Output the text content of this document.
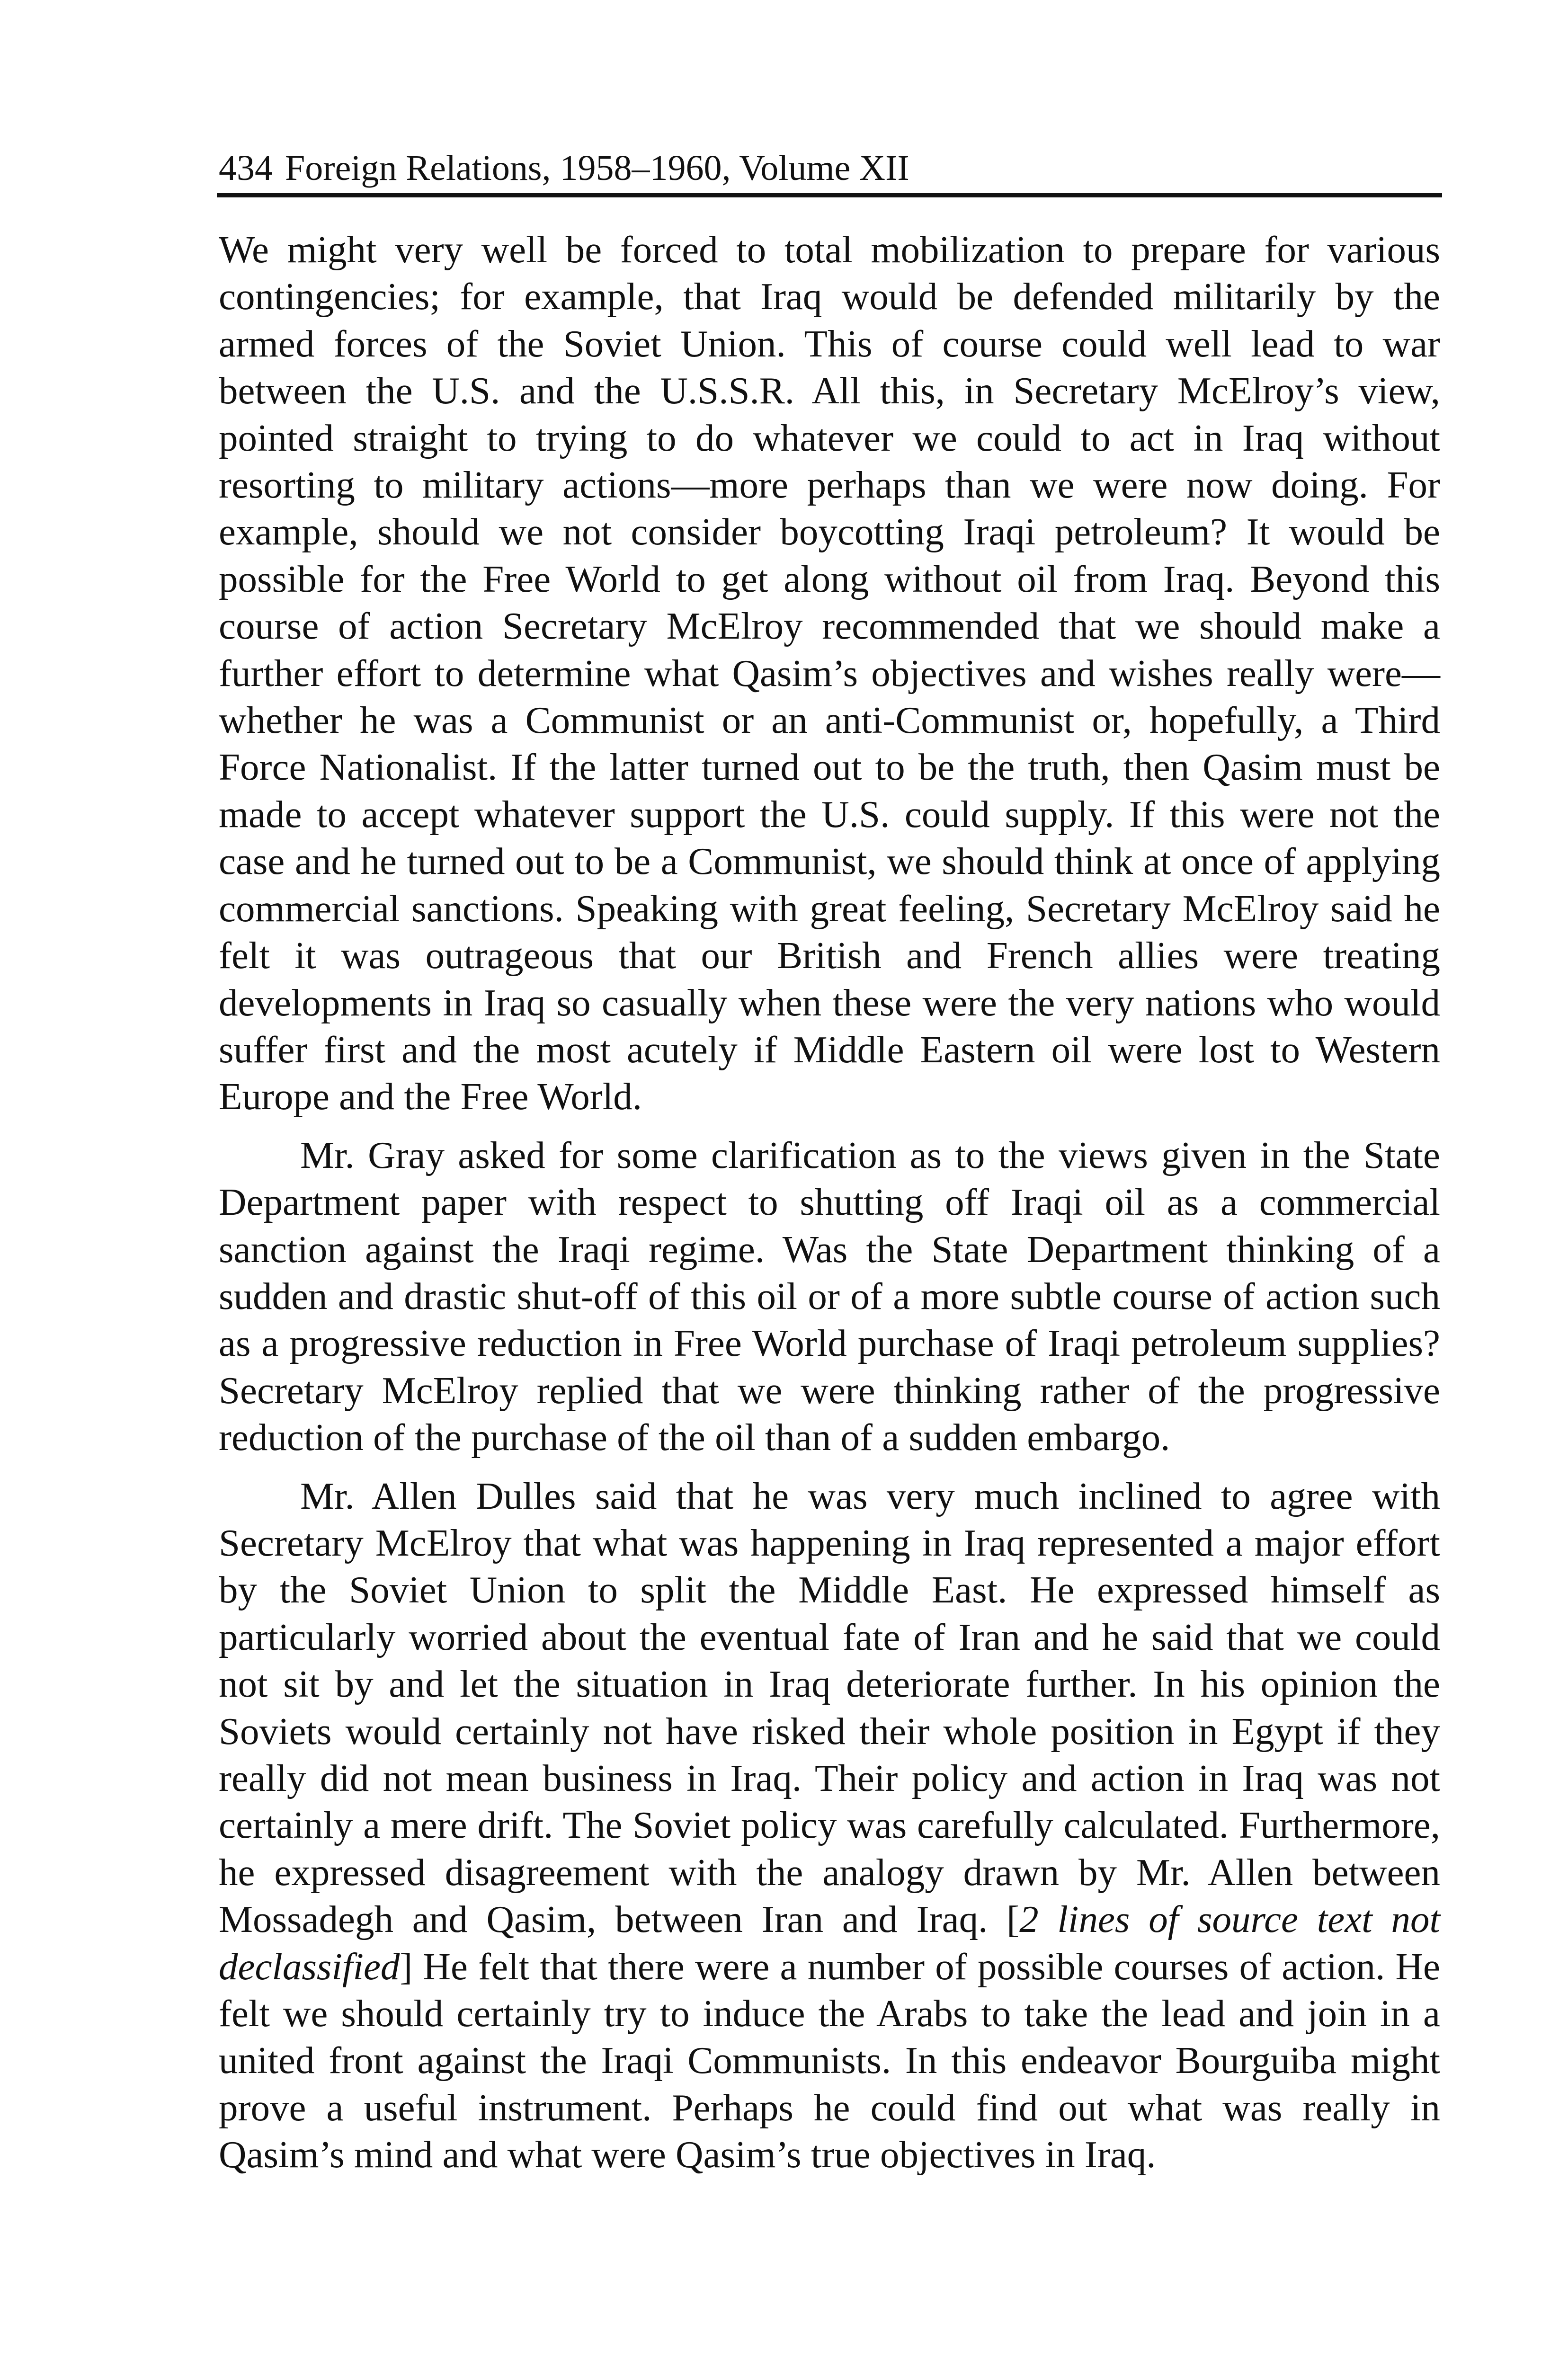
434 Foreign Relations, 1958–1960, Volume XII

We might very well be forced to total mobilization to prepare for various contingencies; for example, that Iraq would be defended militarily by the armed forces of the Soviet Union. This of course could well lead to war between the U.S. and the U.S.S.R. All this, in Secretary McElroy’s view, pointed straight to trying to do whatever we could to act in Iraq without resorting to military actions—more perhaps than we were now doing. For example, should we not consider boycotting Iraqi petroleum? It would be possible for the Free World to get along without oil from Iraq. Beyond this course of action Secretary McElroy recommended that we should make a further effort to determine what Qasim’s objectives and wishes really were—whether he was a Communist or an anti-Communist or, hopefully, a Third Force Nationalist. If the latter turned out to be the truth, then Qasim must be made to accept whatever support the U.S. could supply. If this were not the case and he turned out to be a Communist, we should think at once of applying commercial sanctions. Speaking with great feeling, Secretary McElroy said he felt it was outrageous that our British and French allies were treating developments in Iraq so casually when these were the very nations who would suffer first and the most acutely if Middle Eastern oil were lost to Western Europe and the Free World.

Mr. Gray asked for some clarification as to the views given in the State Department paper with respect to shutting off Iraqi oil as a commercial sanction against the Iraqi regime. Was the State Department thinking of a sudden and drastic shut-off of this oil or of a more subtle course of action such as a progressive reduction in Free World purchase of Iraqi petroleum supplies? Secretary McElroy replied that we were thinking rather of the progressive reduction of the purchase of the oil than of a sudden embargo.

Mr. Allen Dulles said that he was very much inclined to agree with Secretary McElroy that what was happening in Iraq represented a major effort by the Soviet Union to split the Middle East. He expressed himself as particularly worried about the eventual fate of Iran and he said that we could not sit by and let the situation in Iraq deteriorate further. In his opinion the Soviets would certainly not have risked their whole position in Egypt if they really did not mean business in Iraq. Their policy and action in Iraq was not certainly a mere drift. The Soviet policy was carefully calculated. Furthermore, he expressed disagreement with the analogy drawn by Mr. Allen between Mossadegh and Qasim, between Iran and Iraq. [2 lines of source text not declassified] He felt that there were a number of possible courses of action. He felt we should certainly try to induce the Arabs to take the lead and join in a united front against the Iraqi Communists. In this endeavor Bourguiba might prove a useful instrument. Perhaps he could find out what was really in Qasim’s mind and what were Qasim’s true objectives in Iraq.
